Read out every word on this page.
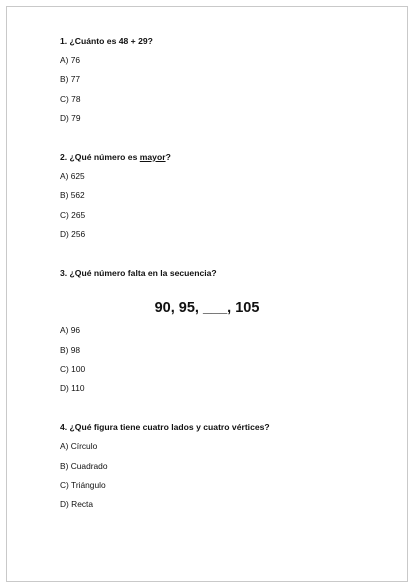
1. ¿Cuánto es 48 + 29?
A) 76
B) 77
C) 78
D) 79
2. ¿Qué número es mayor?
A) 625
B) 562
C) 265
D) 256
3. ¿Qué número falta en la secuencia?
90, 95, ___, 105
A) 96
B) 98
C) 100
D) 110
4. ¿Qué figura tiene cuatro lados y cuatro vértices?
A) Círculo
B) Cuadrado
C) Triángulo
D) Recta
